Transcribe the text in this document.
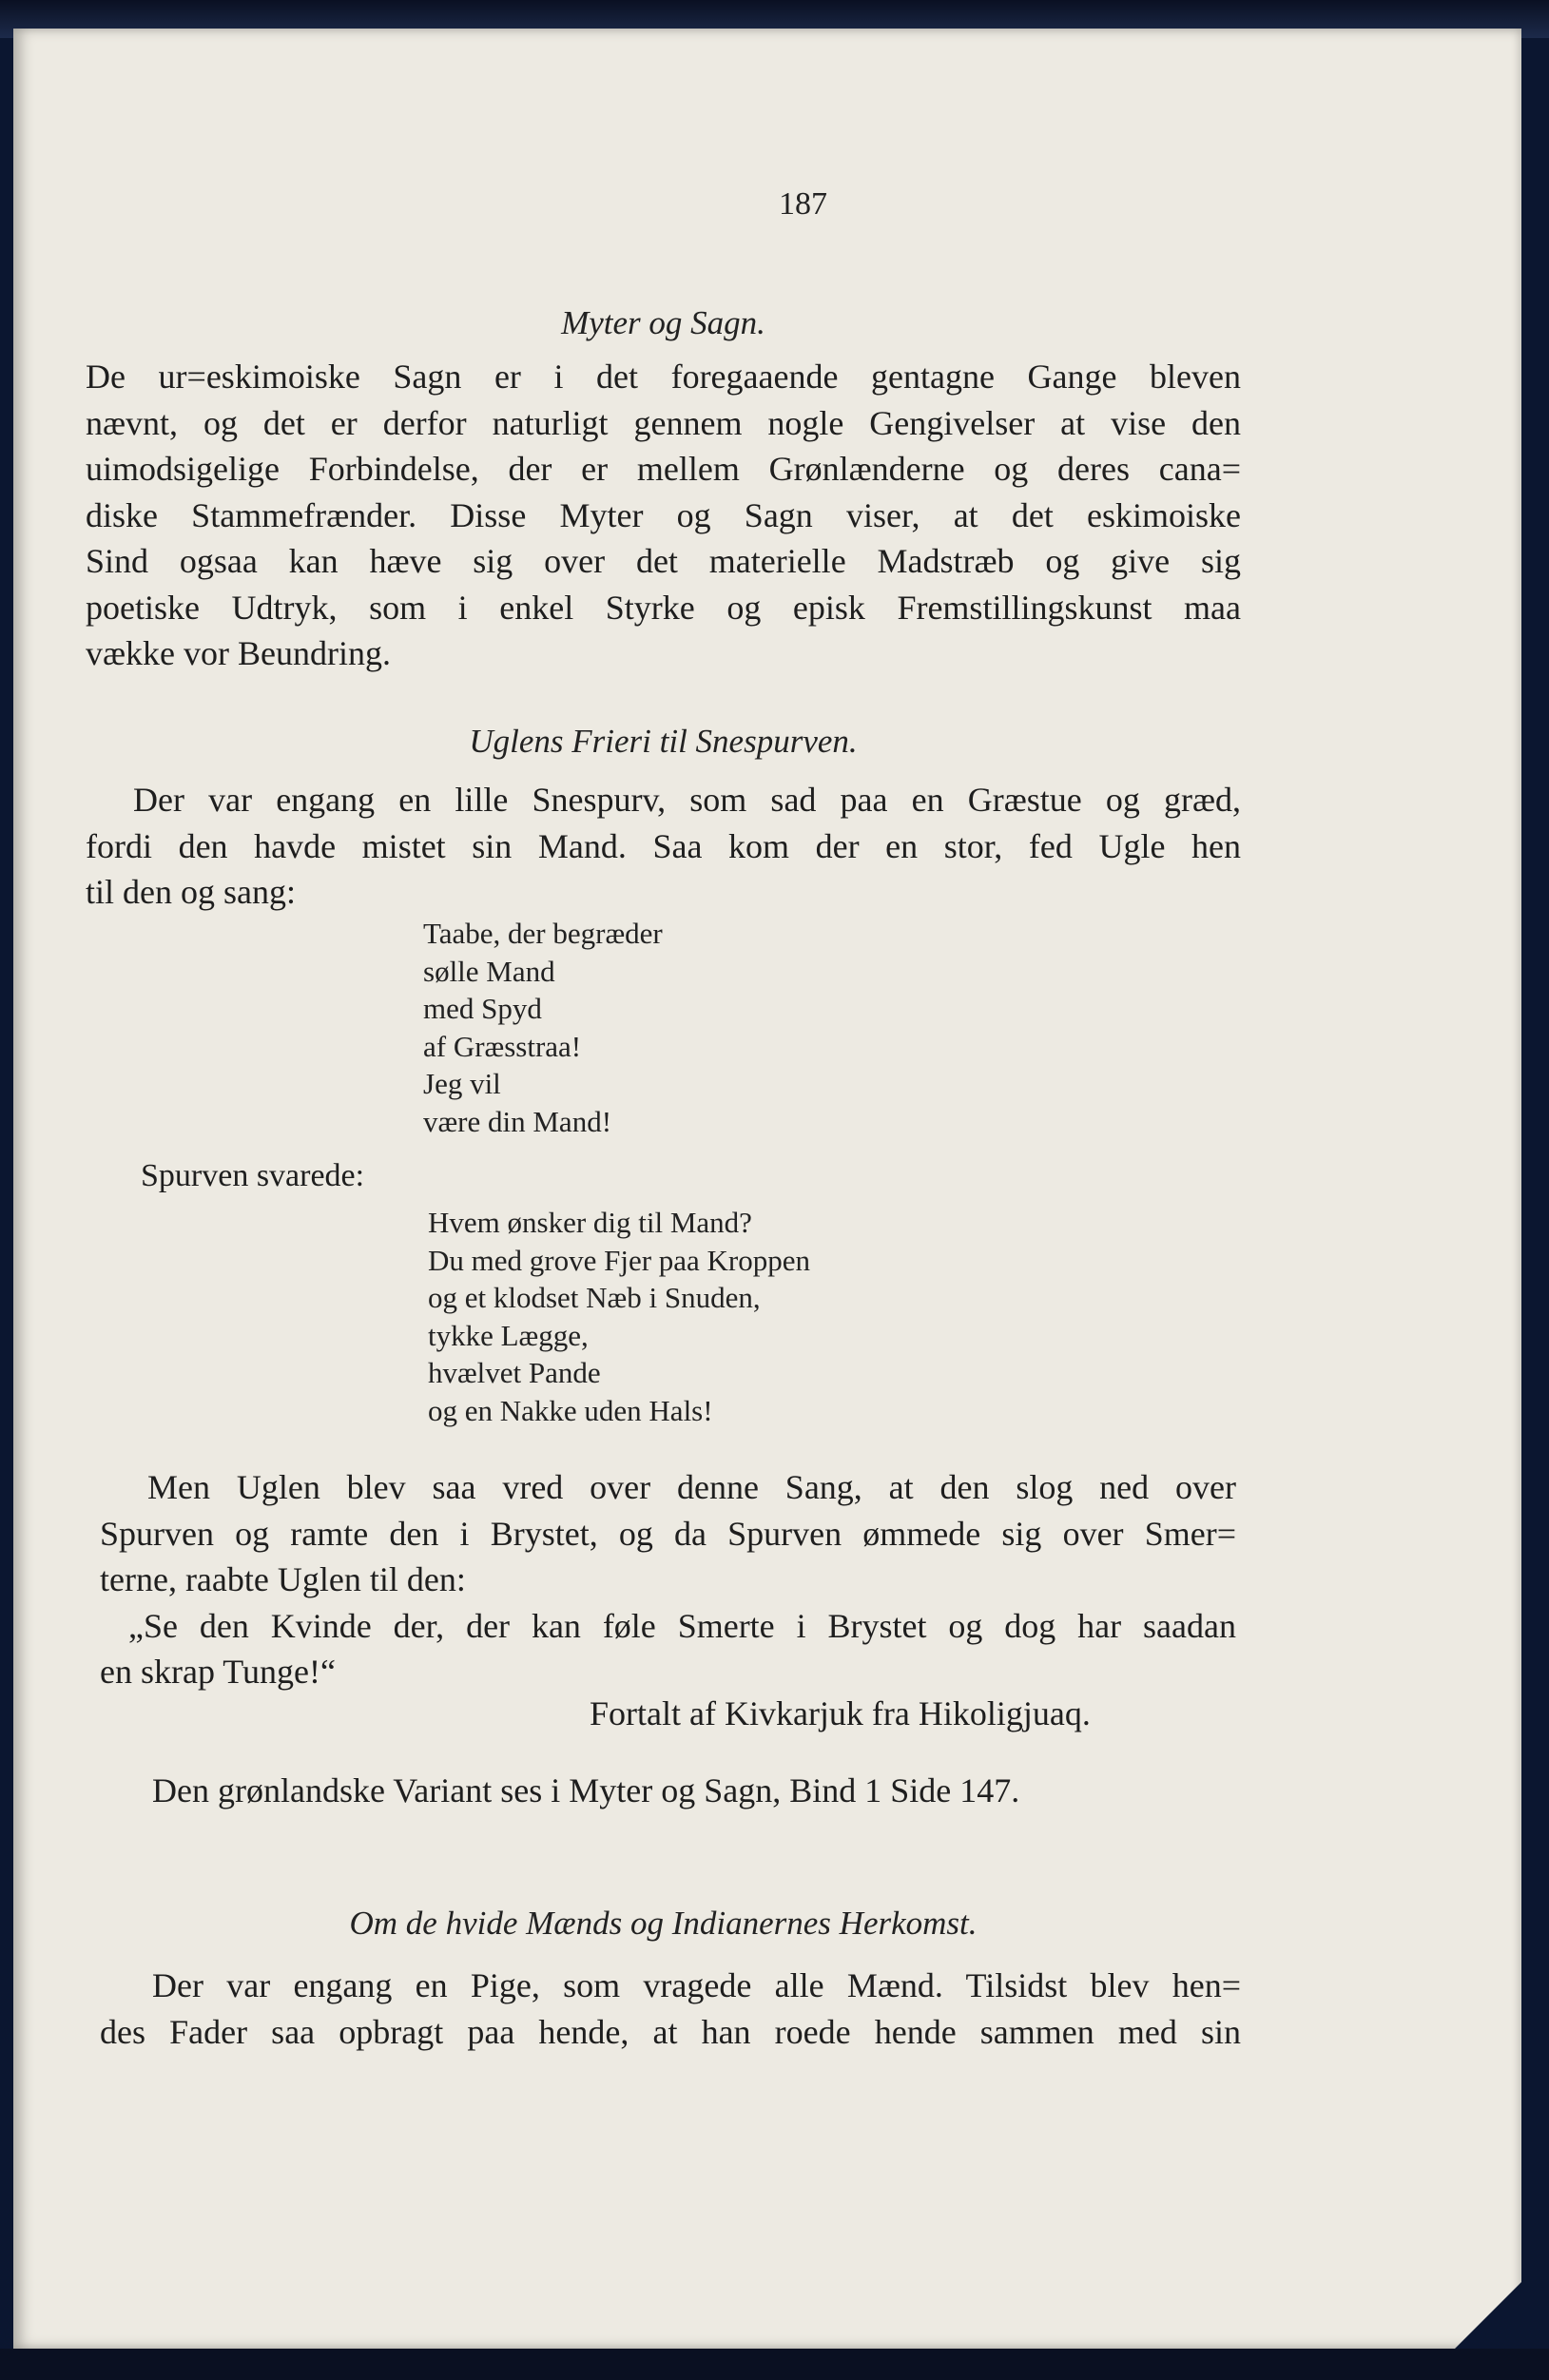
187
Myter og Sagn.
De ur=eskimoiske Sagn er i det foregaaende gentagne Gange bleven
nævnt, og det er derfor naturligt gennem nogle Gengivelser at vise den
uimodsigelige Forbindelse, der er mellem Grønlænderne og deres cana=
diske Stammefrænder. Disse Myter og Sagn viser, at det eskimoiske
Sind ogsaa kan hæve sig over det materielle Madstræb og give sig
poetiske Udtryk, som i enkel Styrke og episk Fremstillingskunst maa
vække vor Beundring.
Uglens Frieri til Snespurven.
Der var engang en lille Snespurv, som sad paa en Græstue og græd,
fordi den havde mistet sin Mand. Saa kom der en stor, fed Ugle hen
til den og sang:
Taabe, der begræder
sølle Mand
med Spyd
af Græsstraa!
Jeg vil
være din Mand!
Spurven svarede:
Hvem ønsker dig til Mand?
Du med grove Fjer paa Kroppen
og et klodset Næb i Snuden,
tykke Lægge,
hvælvet Pande
og en Nakke uden Hals!
Men Uglen blev saa vred over denne Sang, at den slog ned over
Spurven og ramte den i Brystet, og da Spurven ømmede sig over Smer=
terne, raabte Uglen til den:
„Se den Kvinde der, der kan føle Smerte i Brystet og dog har saadan
en skrap Tunge!“
Fortalt af Kivkarjuk fra Hikoligjuaq.
Den grønlandske Variant ses i Myter og Sagn, Bind 1 Side 147.
Om de hvide Mænds og Indianernes Herkomst.
Der var engang en Pige, som vragede alle Mænd. Tilsidst blev hen=
des Fader saa opbragt paa hende, at han roede hende sammen med sin
